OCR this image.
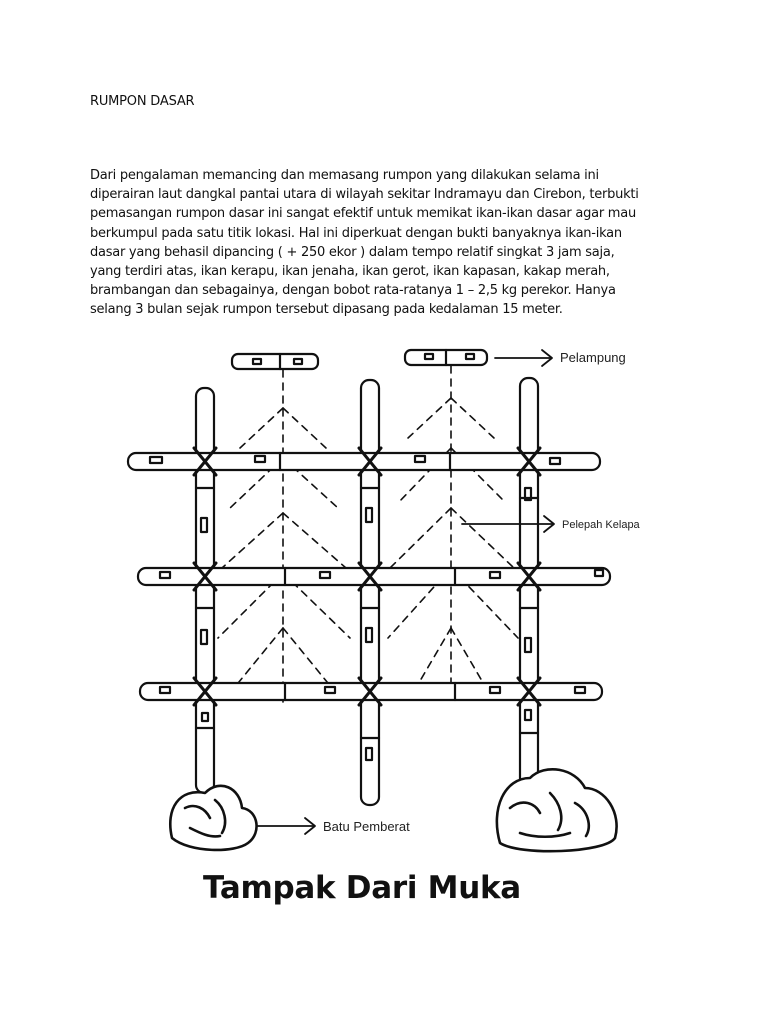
RUMPON DASAR

Dari pengalaman memancing dan memasang rumpon yang dilakukan selama ini
diperairan laut dangkal pantai utara di wilayah sekitar Indramayu dan Cirebon, terbukti
pemasangan rumpon dasar ini sangat efektif untuk memikat ikan-ikan dasar agar mau
berkumpul pada satu titik lokasi. Hal ini diperkuat dengan bukti banyaknya ikan-ikan
dasar yang behasil dipancing ( + 250 ekor ) dalam tempo relatif singkat 3 jam saja,
yang terdiri atas, ikan kerapu, ikan jenaha, ikan gerot, ikan kapasan, kakap merah,
brambangan dan sebagainya, dengan bobot rata-ratanya 1 – 2,5 kg perekor. Hanya
selang 3 bulan sejak rumpon tersebut dipasang pada kedalaman 15 meter.

Pelampung
Pelepah Kelapa
Batu Pemberat
Tampak Dari Muka
